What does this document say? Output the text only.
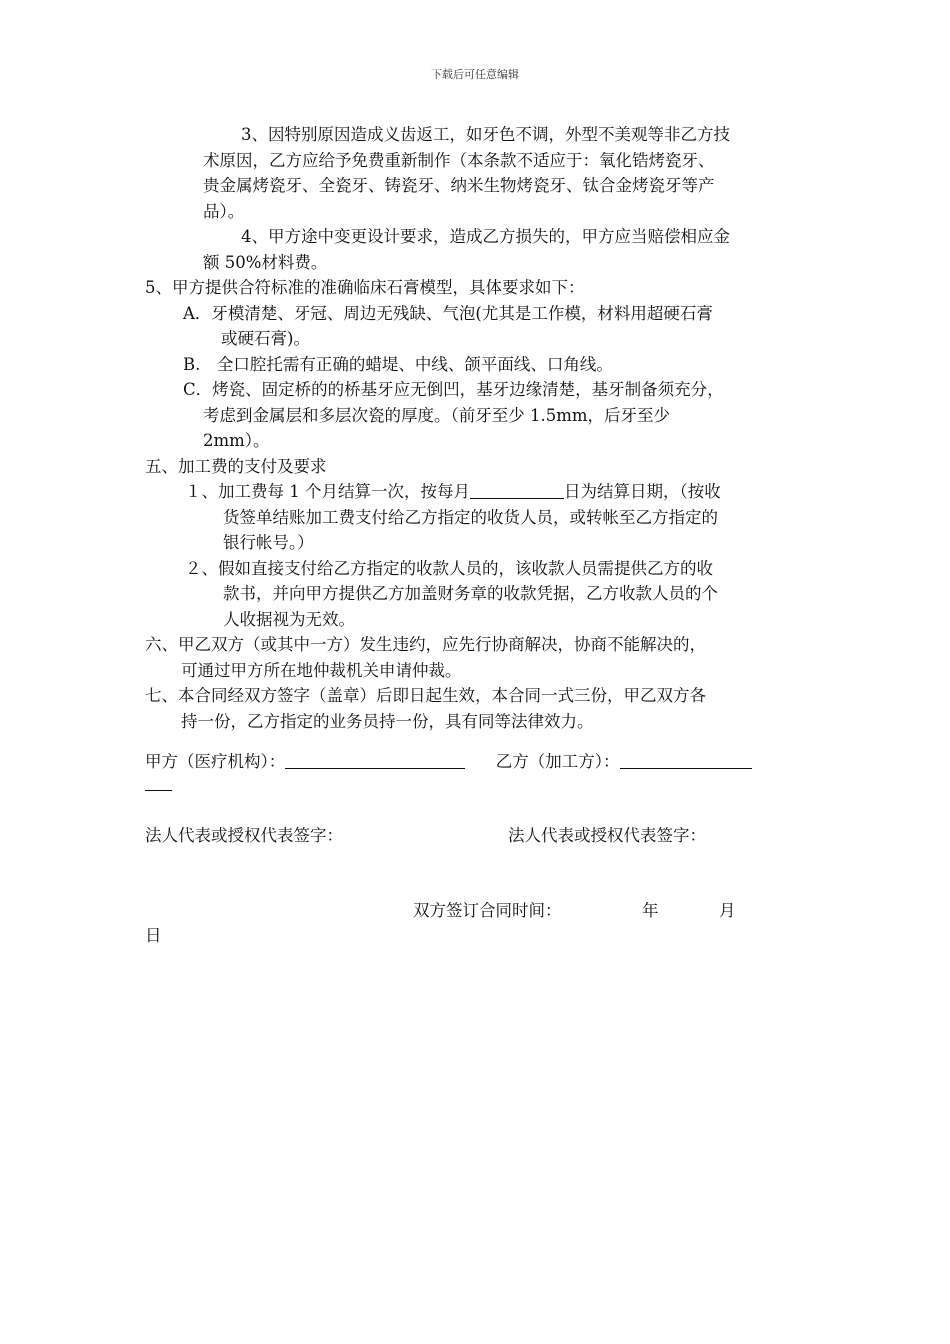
下载后可任意编辑
3、因特别原因造成义齿返工，如牙色不调，外型不美观等非乙方技
术原因，乙方应给予免费重新制作（本条款不适应于：氧化锆烤瓷牙、
贵金属烤瓷牙、全瓷牙、铸瓷牙、纳米生物烤瓷牙、钛合金烤瓷牙等产
品）。
4、甲方途中变更设计要求，造成乙方损失的，甲方应当赔偿相应金
额 50%材料费。
5、甲方提供合符标准的准确临床石膏模型，具体要求如下：
A．牙模清楚、牙冠、周边无残缺、气泡(尤其是工作模，材料用超硬石膏
或硬石膏)。
B.　全口腔托需有正确的蜡堤、中线、颌平面线、口角线。
C．烤瓷、固定桥的的桥基牙应无倒凹，基牙边缘清楚，基牙制备须充分，
考虑到金属层和多层次瓷的厚度。（前牙至少 1.5mm，后牙至少
2mm）。
五、加工费的支付及要求
１、加工费每 1 个月结算一次，按每月	日为结算日期，（按收
货签单结账加工费支付给乙方指定的收货人员，或转帐至乙方指定的
银行帐号。）
２、假如直接支付给乙方指定的收款人员的，该收款人员需提供乙方的收
款书，并向甲方提供乙方加盖财务章的收款凭据，乙方收款人员的个
人收据视为无效。
六、甲乙双方（或其中一方）发生违约，应先行协商解决，协商不能解决的，
可通过甲方所在地仲裁机关申请仲裁。
七、本合同经双方签字（盖章）后即日起生效，本合同一式三份，甲乙双方各
持一份，乙方指定的业务员持一份，具有同等法律效力。
甲方（医疗机构）：	乙方（加工方）：
法人代表或授权代表签字：	法人代表或授权代表签字：
双方签订合同时间：	年	月
日
